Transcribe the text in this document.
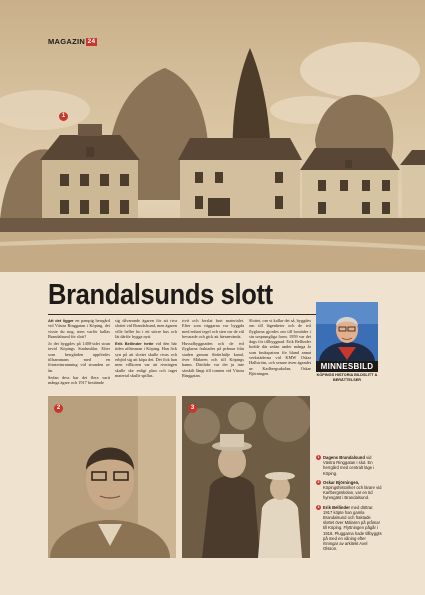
MAGAZIN 24
1
Brandalsunds slott

Att det ligger en pampig herrgård vid Västra Ringgatan i Köping, det visste du nog, men varför kallas Brandalsund för slott?

Jo det byggdes på 1400-talet stran invid Köpings Stadsmålar. Efter som herrgården uppfördes tillsammans med en fönsterinramning vid stranden av ån.

Sedan dess har det flera varit många ägare och 1917 bestämde

sig dåvarande ägaren för att riva slottet vid Brandalsund, men ägaren ville hellre bo i ett större hus och lät därför bygga nytt.

Erik Bellinder hette vid den här tiden affärsman i Köping. Han fick syn på att slottet skulle rivas och erbjöd sig att köpa det. Det fick han men villkoren var att rivningen skulle ske enligt plan och inget material skulle spillas.

rivit och forslat bort materialet. Efter som väggarna var byggda med enbart tegel och sten var de väl bevarade och gick att återanvända.

Huvudbyggnaden och de två flyglarna fraktades på pråmar från staden genom Söderhälje kanal, över Mälaren och till Köpings hamn. Därifrån var det ju inte särskilt långt till tomten vid Västra Ringgatan.

Slottet, om vi kallar det så, byggdes om till lägenheter och de två flyglarna gjordes om till bostäder i sin ursprungliga form. 1959 var det dags för tillbyggnad. Erik Bellinder bodde där sedan under många år som brukspatron för bland annat verkstäderna vid KMW Oskar Hallström, och senare även ägandet av Kadbergsakolan, Oskar Björningen.

MINNESBILD
KÖPINGS HISTORIA BILDSLITT & BERÄTTELSER
2	3
1 Dagens Brandalsund vid Västra Ringgatan i slut. En herrgård med centralt läge i Köping.
2 Oskar Björningen, Köpingshistoriker och lärare vid Karlbergsskolan, var en tid hyresgäst i Brandalsund.
3 Erik Bellinder med döttrar. 1917 köpte han gamla Brandalsund och fraktade slottet över Mälaren på pråmar till Köping. Flyttningen pågår i 1918. Pluggarna hade tillbyggts på med en våning efter ritningar av arkitekt Axel Olsson.
